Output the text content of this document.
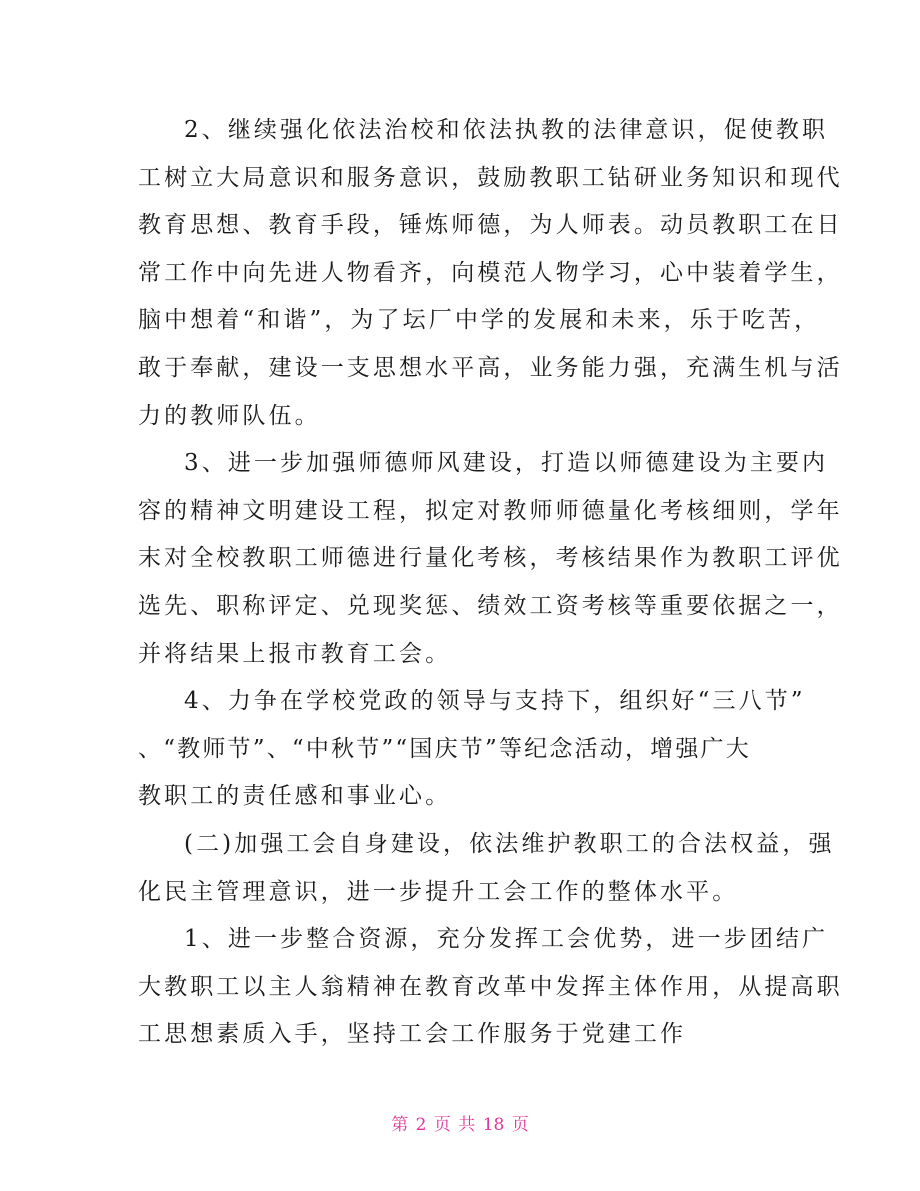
2、继续强化依法治校和依法执教的法律意识，促使教职
工树立大局意识和服务意识，鼓励教职工钻研业务知识和现代
教育思想、教育手段，锤炼师德，为人师表。动员教职工在日
常工作中向先进人物看齐，向模范人物学习，心中装着学生，
脑中想着“和谐”，为了坛厂中学的发展和未来，乐于吃苦，
敢于奉献，建设一支思想水平高，业务能力强，充满生机与活
力的教师队伍。
3、进一步加强师德师风建设，打造以师德建设为主要内
容的精神文明建设工程，拟定对教师师德量化考核细则，学年
末对全校教职工师德进行量化考核，考核结果作为教职工评优
选先、职称评定、兑现奖惩、绩效工资考核等重要依据之一，
并将结果上报市教育工会。
4、力争在学校党政的领导与支持下，组织好“三八节”
、“教师节”、“中秋节”“国庆节”等纪念活动，增强广大
教职工的责任感和事业心。
(二)加强工会自身建设，依法维护教职工的合法权益，强
化民主管理意识，进一步提升工会工作的整体水平。
1、进一步整合资源，充分发挥工会优势，进一步团结广
大教职工以主人翁精神在教育改革中发挥主体作用，从提高职
工思想素质入手，坚持工会工作服务于党建工作
第 2 页 共 18 页
